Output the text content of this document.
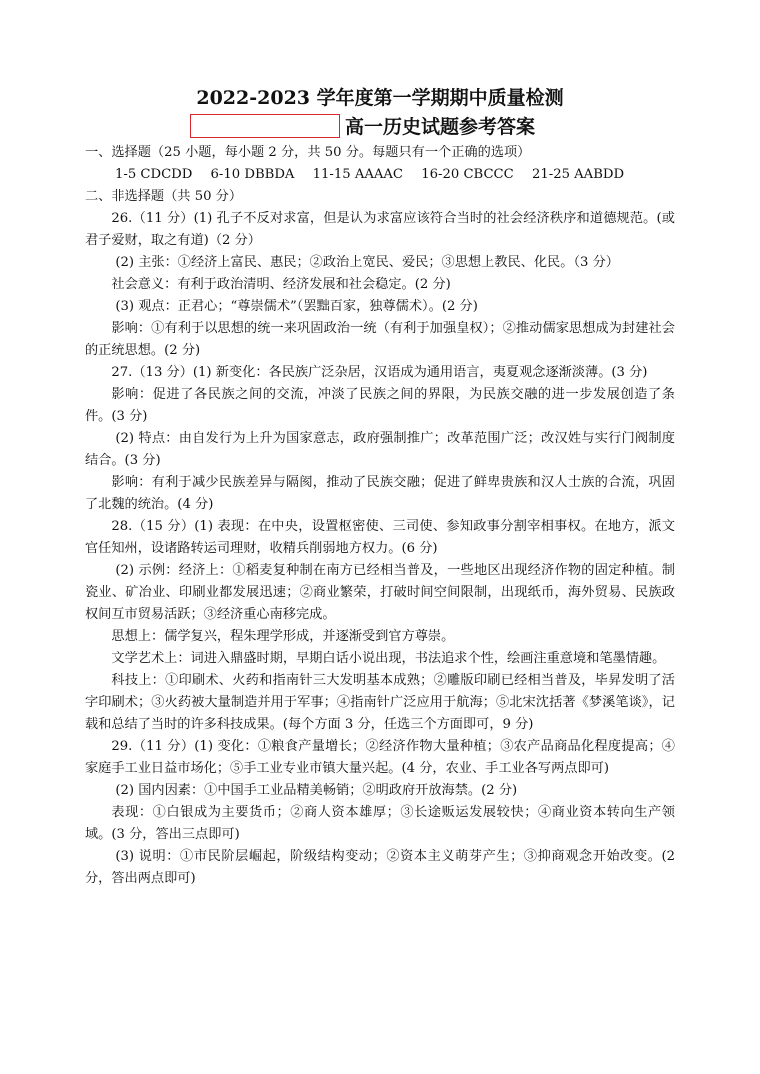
2022-2023 学年度第一学期期中质量检测
高一历史试题参考答案

一、选择题（25 小题，每小题 2 分，共 50 分。每题只有一个正确的选项）

1-5 CDCDD 6-10 DBBDA 11-15 AAAAC 16-20 CBCCC 21-25 AABDD

二、非选择题（共 50 分）

26.（11 分）(1) 孔子不反对求富，但是认为求富应该符合当时的社会经济秩序和道德规范。(或君子爱财，取之有道)（2 分）

(2) 主张：①经济上富民、惠民；②政治上宽民、爱民；③思想上教民、化民。（3 分）

社会意义：有利于政治清明、经济发展和社会稳定。(2 分)

(3) 观点：正君心；“尊崇儒术”（罢黜百家，独尊儒术）。(2 分)

影响：①有利于以思想的统一来巩固政治一统（有利于加强皇权）；②推动儒家思想成为封建社会的正统思想。(2 分)

27.（13 分）(1) 新变化：各民族广泛杂居，汉语成为通用语言，夷夏观念逐渐淡薄。(3 分)

影响：促进了各民族之间的交流，冲淡了民族之间的界限，为民族交融的进一步发展创造了条件。(3 分)

(2) 特点：由自发行为上升为国家意志，政府强制推广；改革范围广泛；改汉姓与实行门阀制度结合。(3 分)

影响：有利于减少民族差异与隔阂，推动了民族交融；促进了鲜卑贵族和汉人士族的合流，巩固了北魏的统治。(4 分)

28.（15 分）(1) 表现：在中央，设置枢密使、三司使、参知政事分割宰相事权。在地方，派文官任知州，设诸路转运司理财，收精兵削弱地方权力。(6 分)

(2) 示例：经济上：①稻麦复种制在南方已经相当普及，一些地区出现经济作物的固定种植。制瓷业、矿冶业、印刷业都发展迅速；②商业繁荣，打破时间空间限制，出现纸币，海外贸易、民族政权间互市贸易活跃；③经济重心南移完成。

思想上：儒学复兴，程朱理学形成，并逐渐受到官方尊崇。

文学艺术上：词进入鼎盛时期，早期白话小说出现，书法追求个性，绘画注重意境和笔墨情趣。

科技上：①印刷术、火药和指南针三大发明基本成熟；②雕版印刷已经相当普及，毕昇发明了活字印刷术；③火药被大量制造并用于军事；④指南针广泛应用于航海；⑤北宋沈括著《梦溪笔谈》，记载和总结了当时的许多科技成果。(每个方面 3 分，任选三个方面即可，9 分)

29.（11 分）(1) 变化：①粮食产量增长；②经济作物大量种植；③农产品商品化程度提高；④家庭手工业日益市场化；⑤手工业专业市镇大量兴起。(4 分，农业、手工业各写两点即可)

(2) 国内因素：①中国手工业品精美畅销；②明政府开放海禁。(2 分)

表现：①白银成为主要货币；②商人资本雄厚；③长途贩运发展较快；④商业资本转向生产领域。(3 分，答出三点即可)

(3) 说明：①市民阶层崛起，阶级结构变动；②资本主义萌芽产生；③抑商观念开始改变。(2 分，答出两点即可)
